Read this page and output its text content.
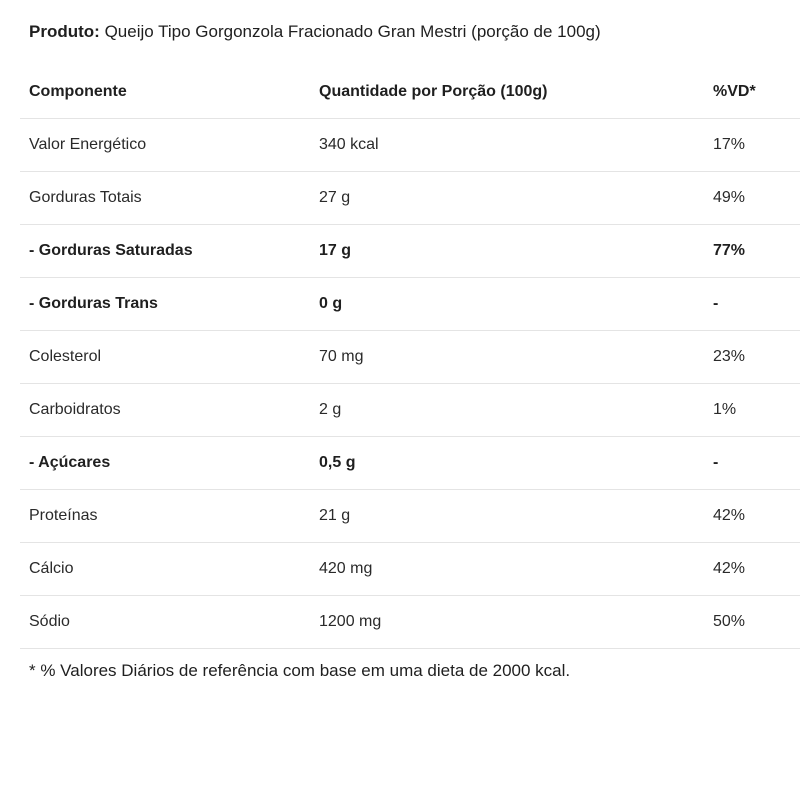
Produto: Queijo Tipo Gorgonzola Fracionado Gran Mestri (porção de 100g)
Componente	Quantidade por Porção (100g)	%VD*
Valor Energético	340 kcal	17%
Gorduras Totais	27 g	49%
- Gorduras Saturadas	17 g	77%
- Gorduras Trans	0 g	-
Colesterol	70 mg	23%
Carboidratos	2 g	1%
- Açúcares	0,5 g	-
Proteínas	21 g	42%
Cálcio	420 mg	42%
Sódio	1200 mg	50%
* % Valores Diários de referência com base em uma dieta de 2000 kcal.
